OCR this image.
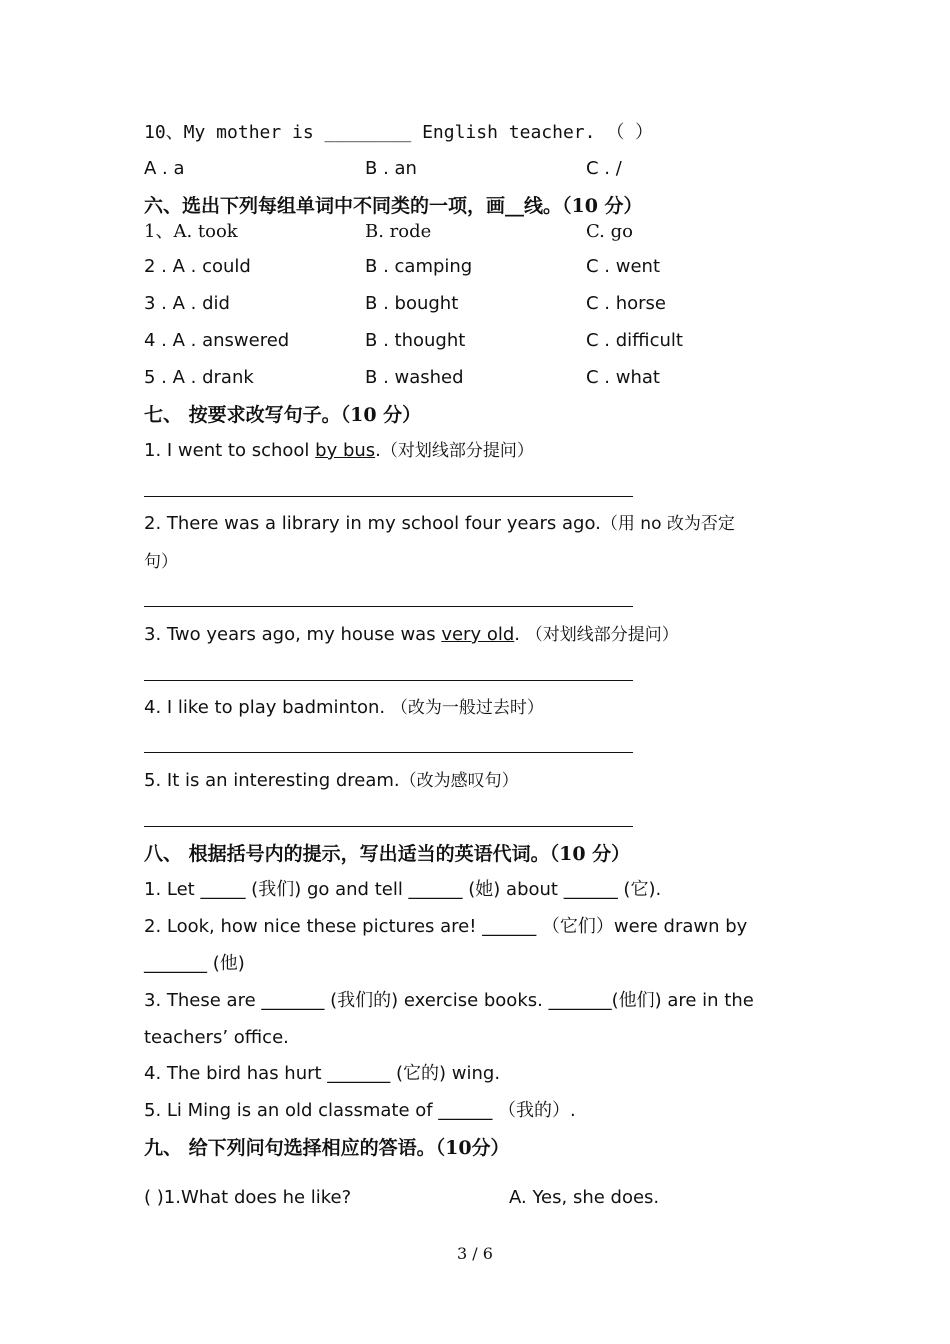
10、My mother is ________ English teacher. （ ）
A . a	B . an	C . /
六、选出下列每组单词中不同类的一项，画__线。（10 分）
1、A. took	B. rode	C. go
2 . A . could	B . camping	C . went
3 . A . did	B . bought	C . horse
4 . A . answered	B . thought	C . difficult
5 . A . drank	B . washed	C . what
七、 按要求改写句子。（10 分）
1. I went to school by bus.（对划线部分提问）
2. There was a library in my school four years ago.（用 no 改为否定
句）
3. Two years ago, my house was very old. （对划线部分提问）
4. I like to play badminton. （改为一般过去时）
5. It is an interesting dream.（改为感叹句）
八、 根据括号内的提示，写出适当的英语代词。（10 分）
1. Let _____ (我们) go and tell ______ (她) about ______ (它).
2. Look, how nice these pictures are! ______ （它们）were drawn by
_______ (他)
3. These are _______ (我们的) exercise books. _______(他们) are in the
teachers’ office.
4. The bird has hurt _______ (它的) wing.
5. Li Ming is an old classmate of ______ （我的）.
九、 给下列问句选择相应的答语。（10分）
( )1.What does he like?	A. Yes, she does.
3 / 6
